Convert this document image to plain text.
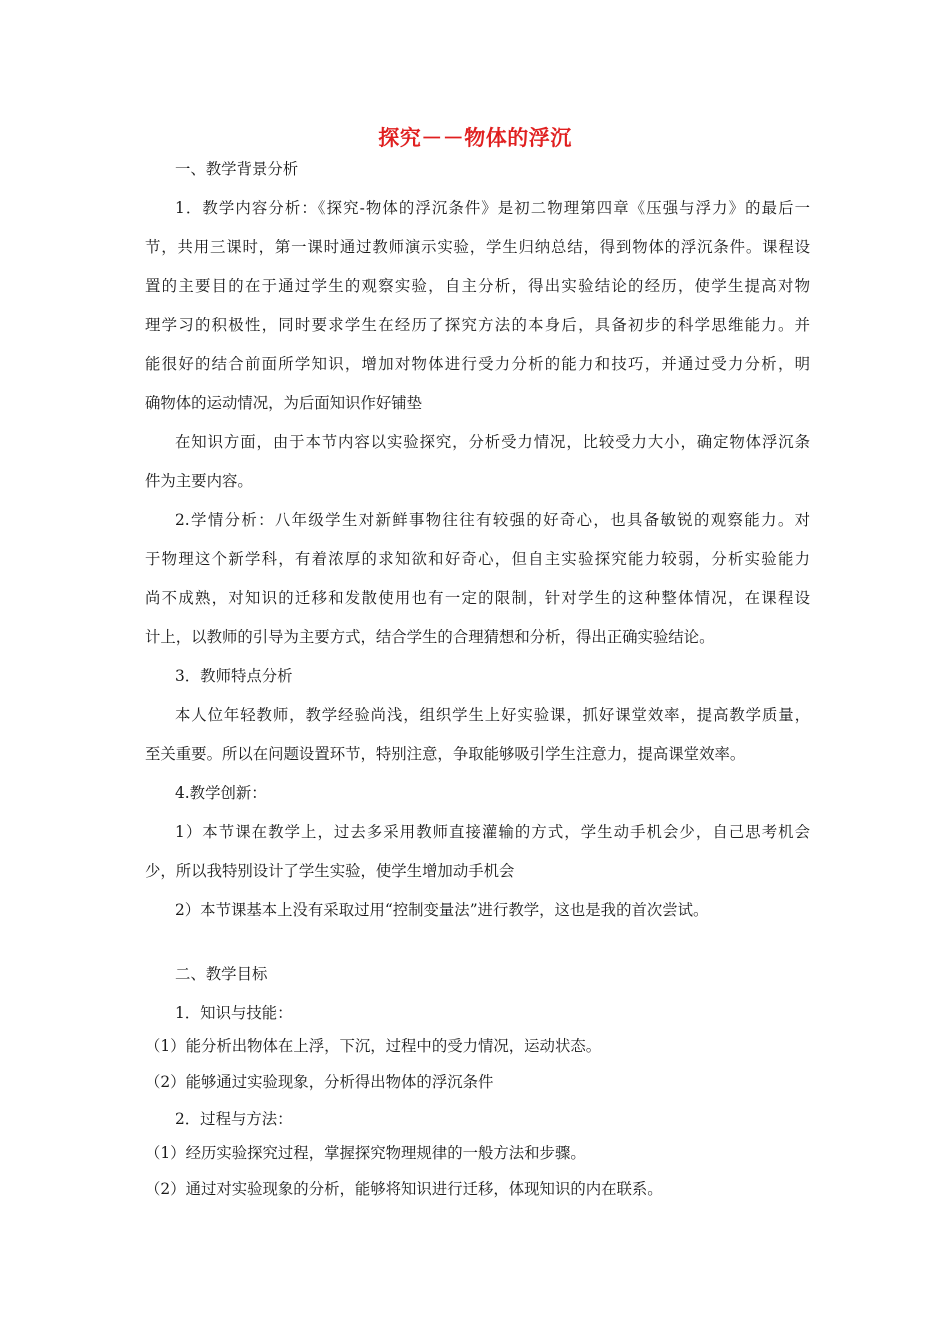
探究－－物体的浮沉
一、教学背景分析
1．教学内容分析：《探究-物体的浮沉条件》是初二物理第四章《压强与浮力》的最后一
节，共用三课时，第一课时通过教师演示实验，学生归纳总结，得到物体的浮沉条件。课程设
置的主要目的在于通过学生的观察实验，自主分析，得出实验结论的经历，使学生提高对物
理学习的积极性，同时要求学生在经历了探究方法的本身后，具备初步的科学思维能力。并
能很好的结合前面所学知识，增加对物体进行受力分析的能力和技巧，并通过受力分析，明
确物体的运动情况，为后面知识作好铺垫
在知识方面，由于本节内容以实验探究，分析受力情况，比较受力大小，确定物体浮沉条
件为主要内容。
2.学情分析：八年级学生对新鲜事物往往有较强的好奇心，也具备敏锐的观察能力。对
于物理这个新学科，有着浓厚的求知欲和好奇心，但自主实验探究能力较弱，分析实验能力
尚不成熟，对知识的迁移和发散使用也有一定的限制，针对学生的这种整体情况，在课程设
计上，以教师的引导为主要方式，结合学生的合理猜想和分析，得出正确实验结论。
3．教师特点分析
本人位年轻教师，教学经验尚浅，组织学生上好实验课，抓好课堂效率，提高教学质量，
至关重要。所以在问题设置环节，特别注意，争取能够吸引学生注意力，提高课堂效率。
4.教学创新：
1）本节课在教学上，过去多采用教师直接灌输的方式，学生动手机会少，自己思考机会
少，所以我特别设计了学生实验，使学生增加动手机会
2）本节课基本上没有采取过用“控制变量法”进行教学，这也是我的首次尝试。
二、教学目标
1．知识与技能：
（1）能分析出物体在上浮，下沉，过程中的受力情况，运动状态。
（2）能够通过实验现象，分析得出物体的浮沉条件
2．过程与方法：
（1）经历实验探究过程，掌握探究物理规律的一般方法和步骤。
（2）通过对实验现象的分析，能够将知识进行迁移，体现知识的内在联系。
